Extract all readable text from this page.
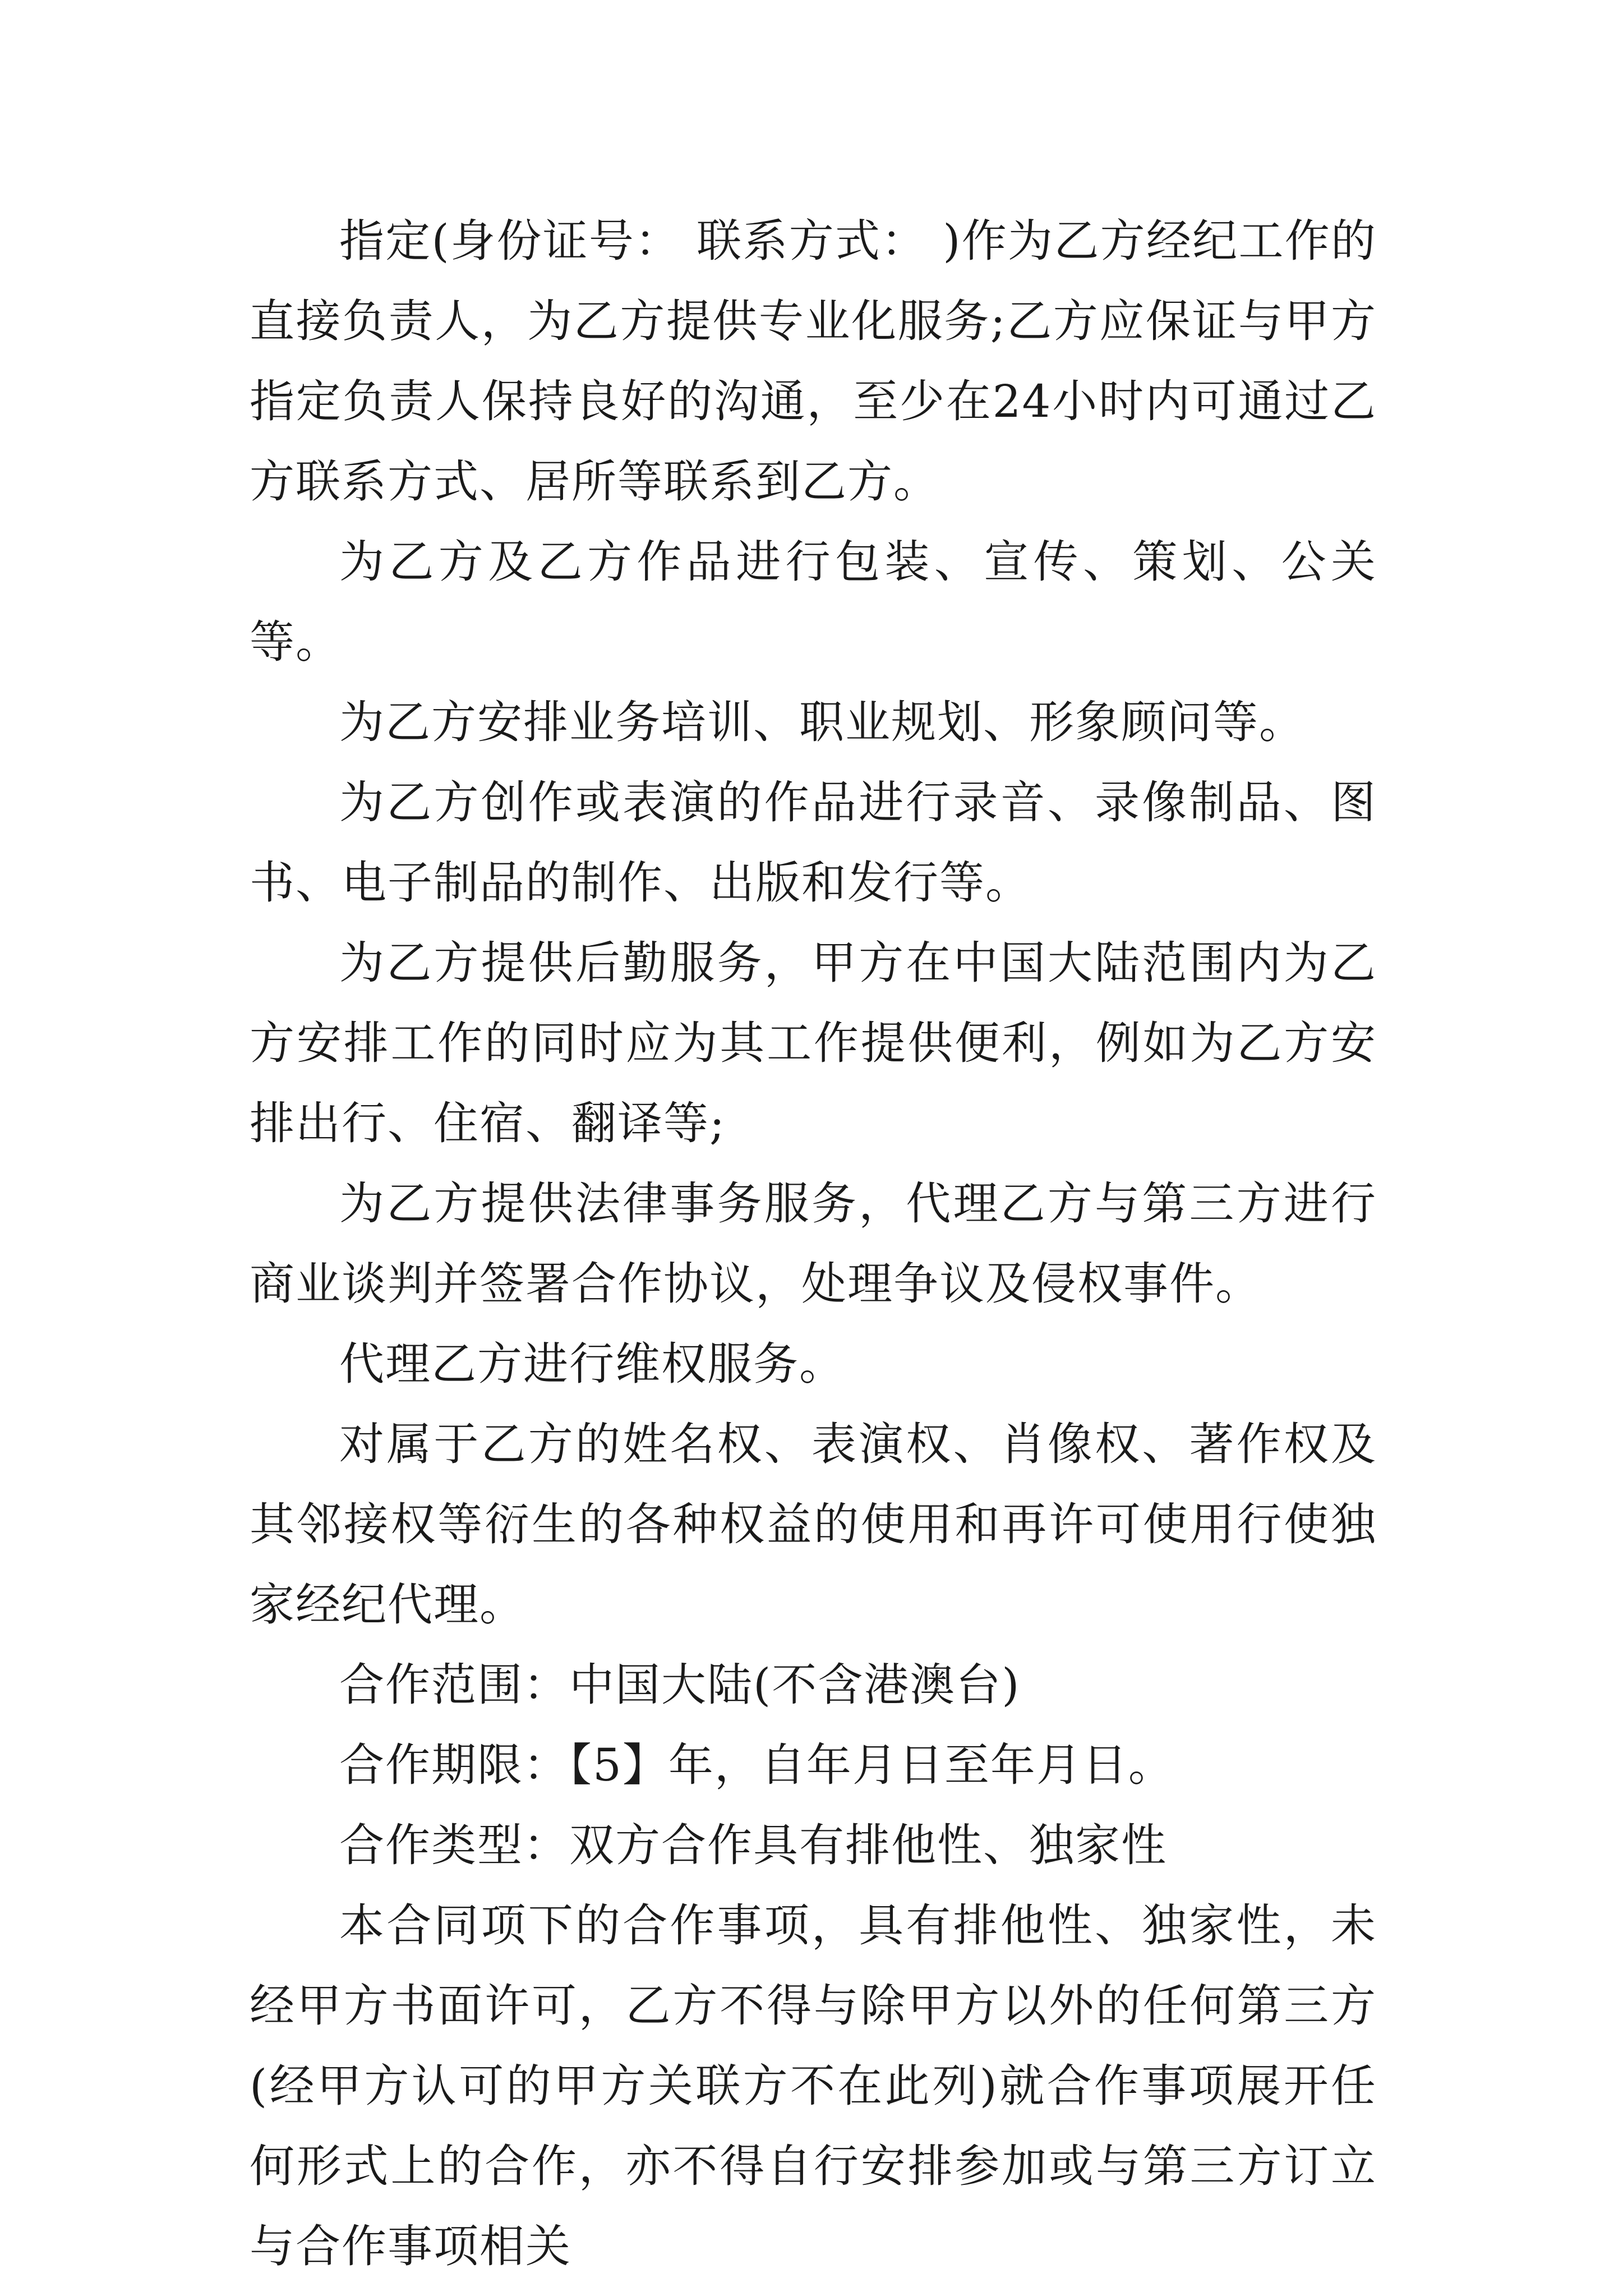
指定(身份证号： 联系方式： )作为乙方经纪工作的直接负责人，为乙方提供专业化服务;乙方应保证与甲方指定负责人保持良好的沟通，至少在24小时内可通过乙方联系方式、居所等联系到乙方。

为乙方及乙方作品进行包装、宣传、策划、公关等。

为乙方安排业务培训、职业规划、形象顾问等。

为乙方创作或表演的作品进行录音、录像制品、图书、电子制品的制作、出版和发行等。

为乙方提供后勤服务，甲方在中国大陆范围内为乙方安排工作的同时应为其工作提供便利，例如为乙方安排出行、住宿、翻译等;

为乙方提供法律事务服务，代理乙方与第三方进行商业谈判并签署合作协议，处理争议及侵权事件。

代理乙方进行维权服务。

对属于乙方的姓名权、表演权、肖像权、著作权及其邻接权等衍生的各种权益的使用和再许可使用行使独家经纪代理。

合作范围：中国大陆(不含港澳台)

合作期限：【5】年，自年月日至年月日。

合作类型：双方合作具有排他性、独家性

本合同项下的合作事项，具有排他性、独家性，未经甲方书面许可，乙方不得与除甲方以外的任何第三方(经甲方认可的甲方关联方不在此列)就合作事项展开任何形式上的合作，亦不得自行安排参加或与第三方订立与合作事项相关
